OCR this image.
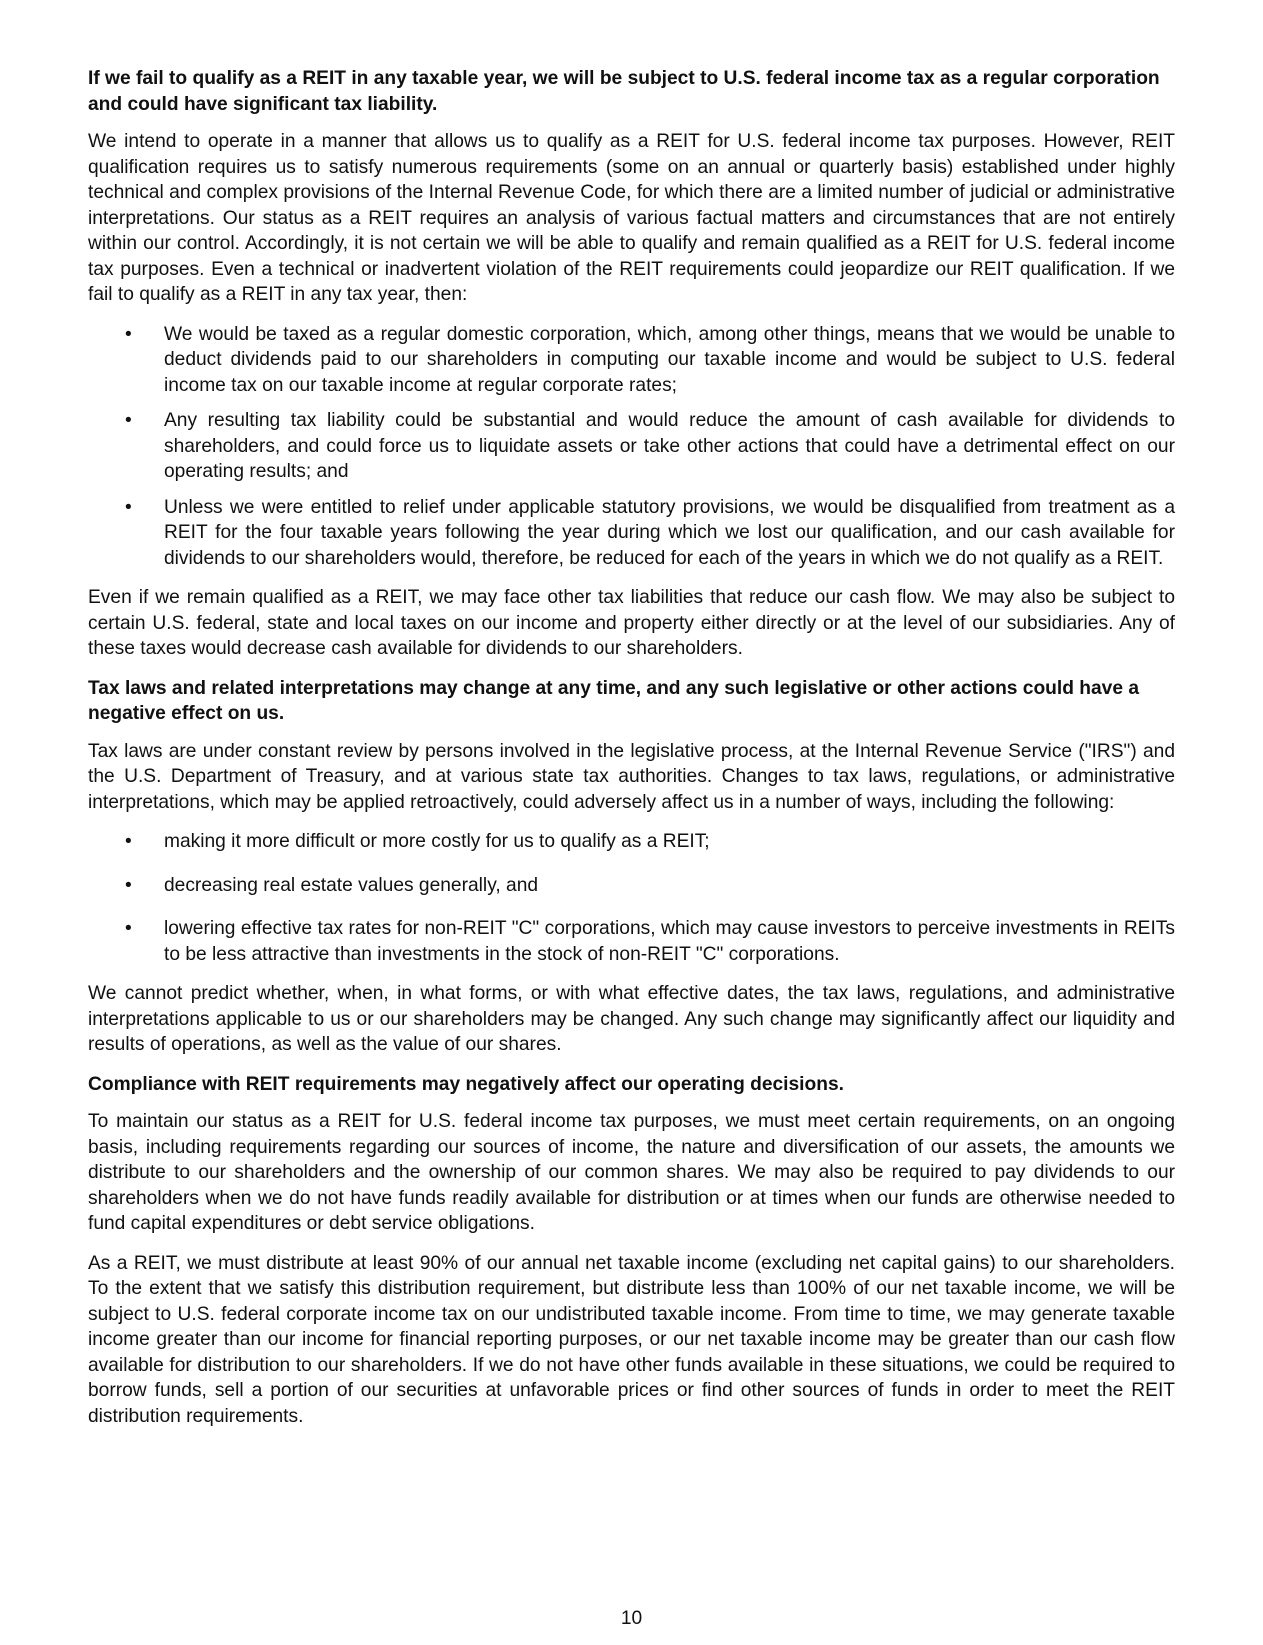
If we fail to qualify as a REIT in any taxable year, we will be subject to U.S. federal income tax as a regular corporation and could have significant tax liability.

We intend to operate in a manner that allows us to qualify as a REIT for U.S. federal income tax purposes. However, REIT qualification requires us to satisfy numerous requirements (some on an annual or quarterly basis) established under highly technical and complex provisions of the Internal Revenue Code, for which there are a limited number of judicial or administrative interpretations. Our status as a REIT requires an analysis of various factual matters and circumstances that are not entirely within our control. Accordingly, it is not certain we will be able to qualify and remain qualified as a REIT for U.S. federal income tax purposes. Even a technical or inadvertent violation of the REIT requirements could jeopardize our REIT qualification. If we fail to qualify as a REIT in any tax year, then:

• We would be taxed as a regular domestic corporation, which, among other things, means that we would be unable to deduct dividends paid to our shareholders in computing our taxable income and would be subject to U.S. federal income tax on our taxable income at regular corporate rates;
• Any resulting tax liability could be substantial and would reduce the amount of cash available for dividends to shareholders, and could force us to liquidate assets or take other actions that could have a detrimental effect on our operating results; and
• Unless we were entitled to relief under applicable statutory provisions, we would be disqualified from treatment as a REIT for the four taxable years following the year during which we lost our qualification, and our cash available for dividends to our shareholders would, therefore, be reduced for each of the years in which we do not qualify as a REIT.

Even if we remain qualified as a REIT, we may face other tax liabilities that reduce our cash flow. We may also be subject to certain U.S. federal, state and local taxes on our income and property either directly or at the level of our subsidiaries. Any of these taxes would decrease cash available for dividends to our shareholders.

Tax laws and related interpretations may change at any time, and any such legislative or other actions could have a negative effect on us.

Tax laws are under constant review by persons involved in the legislative process, at the Internal Revenue Service ("IRS") and the U.S. Department of Treasury, and at various state tax authorities. Changes to tax laws, regulations, or administrative interpretations, which may be applied retroactively, could adversely affect us in a number of ways, including the following:

• making it more difficult or more costly for us to qualify as a REIT;
• decreasing real estate values generally, and
• lowering effective tax rates for non-REIT "C" corporations, which may cause investors to perceive investments in REITs to be less attractive than investments in the stock of non-REIT "C" corporations.

We cannot predict whether, when, in what forms, or with what effective dates, the tax laws, regulations, and administrative interpretations applicable to us or our shareholders may be changed. Any such change may significantly affect our liquidity and results of operations, as well as the value of our shares.

Compliance with REIT requirements may negatively affect our operating decisions.

To maintain our status as a REIT for U.S. federal income tax purposes, we must meet certain requirements, on an ongoing basis, including requirements regarding our sources of income, the nature and diversification of our assets, the amounts we distribute to our shareholders and the ownership of our common shares. We may also be required to pay dividends to our shareholders when we do not have funds readily available for distribution or at times when our funds are otherwise needed to fund capital expenditures or debt service obligations.

As a REIT, we must distribute at least 90% of our annual net taxable income (excluding net capital gains) to our shareholders. To the extent that we satisfy this distribution requirement, but distribute less than 100% of our net taxable income, we will be subject to U.S. federal corporate income tax on our undistributed taxable income. From time to time, we may generate taxable income greater than our income for financial reporting purposes, or our net taxable income may be greater than our cash flow available for distribution to our shareholders. If we do not have other funds available in these situations, we could be required to borrow funds, sell a portion of our securities at unfavorable prices or find other sources of funds in order to meet the REIT distribution requirements.

10
